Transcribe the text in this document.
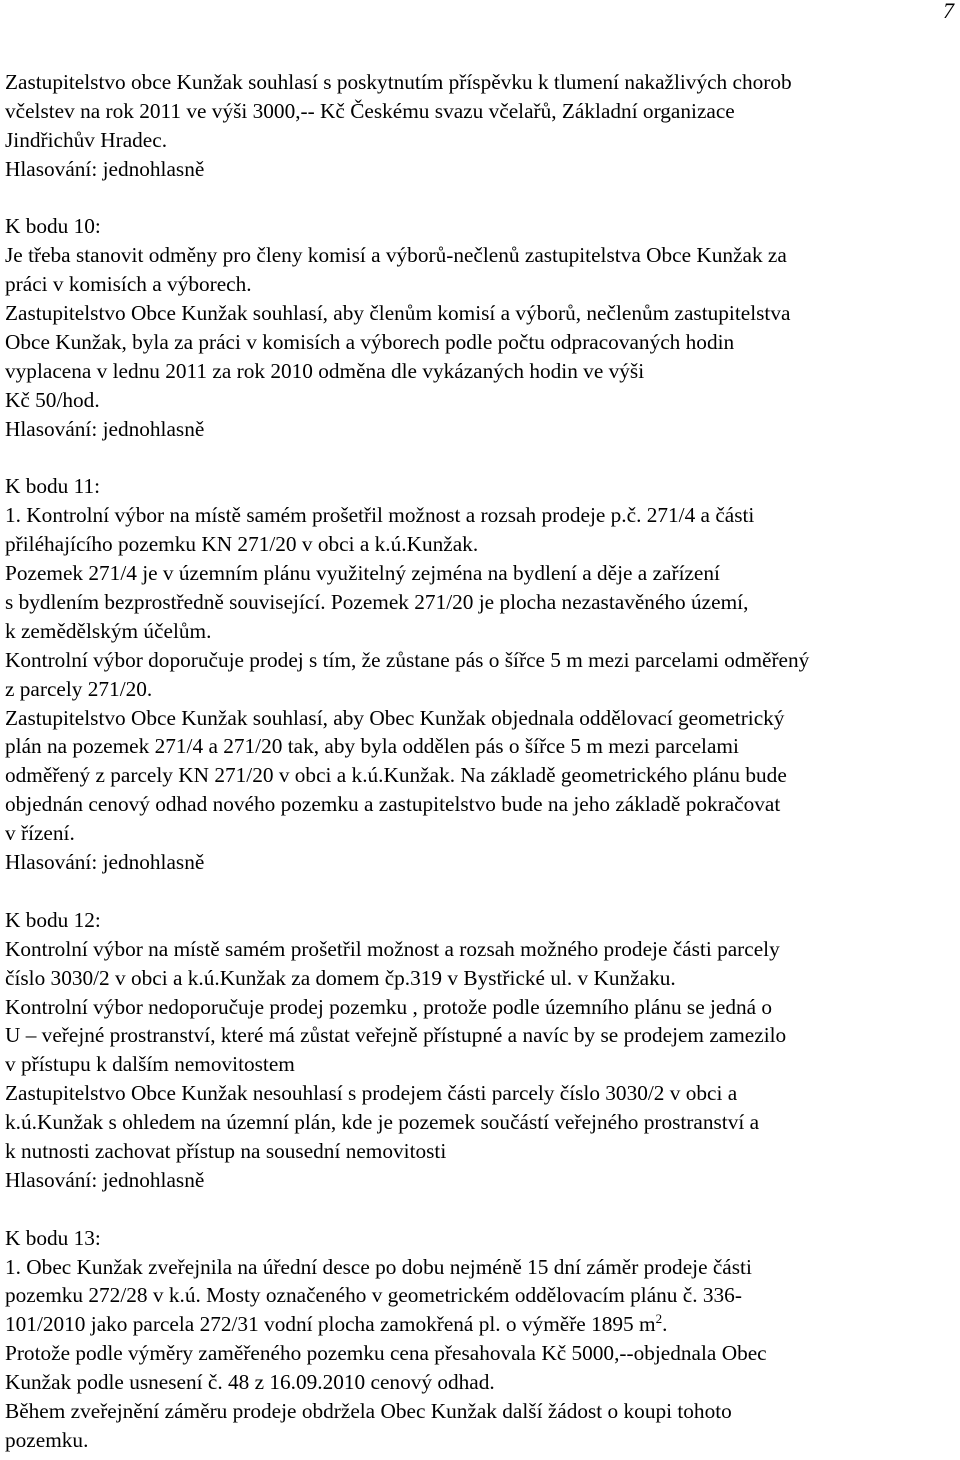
7
Zastupitelstvo obce Kunžak souhlasí s poskytnutím příspěvku k tlumení nakažlivých chorob
včelstev na rok 2011 ve výši 3000,-- Kč Českému svazu včelařů, Základní organizace
Jindřichův Hradec.
Hlasování: jednohlasně
K bodu 10:
Je třeba stanovit odměny pro členy komisí a výborů-nečlenů zastupitelstva Obce Kunžak za
práci v komisích a výborech.
Zastupitelstvo Obce Kunžak souhlasí, aby členům komisí a výborů, nečlenům zastupitelstva
Obce Kunžak, byla za práci v komisích a výborech podle počtu odpracovaných hodin
vyplacena v lednu 2011 za rok 2010 odměna dle vykázaných hodin ve výši
Kč 50/hod.
Hlasování: jednohlasně
K bodu 11:
1. Kontrolní výbor na místě samém prošetřil možnost a rozsah prodeje p.č. 271/4 a části
přiléhajícího pozemku KN 271/20 v obci a k.ú.Kunžak.
Pozemek 271/4 je v územním plánu využitelný zejména na bydlení a děje a zařízení
s bydlením bezprostředně související. Pozemek 271/20 je plocha nezastavěného území,
k zemědělským účelům.
Kontrolní výbor doporučuje prodej s tím, že zůstane pás o šířce 5 m mezi parcelami odměřený
z parcely 271/20.
Zastupitelstvo Obce Kunžak souhlasí, aby Obec Kunžak objednala oddělovací geometrický
plán na pozemek 271/4 a 271/20 tak, aby byla oddělen pás o šířce 5 m mezi parcelami
odměřený z parcely KN 271/20 v obci a k.ú.Kunžak. Na základě geometrického plánu bude
objednán cenový odhad nového pozemku a zastupitelstvo bude na jeho základě pokračovat
v řízení.
Hlasování: jednohlasně
K bodu 12:
Kontrolní výbor na místě samém prošetřil možnost a rozsah možného prodeje části parcely
číslo 3030/2 v obci a k.ú.Kunžak za domem čp.319 v Bystřické ul. v Kunžaku.
Kontrolní výbor nedoporučuje prodej pozemku , protože podle územního plánu se jedná o
U – veřejné prostranství, které má zůstat veřejně přístupné a navíc by se prodejem zamezilo
v přístupu k dalším nemovitostem
Zastupitelstvo Obce Kunžak nesouhlasí s prodejem části parcely číslo 3030/2 v obci a
k.ú.Kunžak s ohledem na územní plán, kde je pozemek součástí veřejného prostranství a
k nutnosti zachovat přístup na sousední nemovitosti
Hlasování: jednohlasně
K bodu 13:
1. Obec Kunžak zveřejnila na úřední desce po dobu nejméně 15 dní záměr prodeje části
pozemku 272/28 v k.ú. Mosty označeného v geometrickém oddělovacím plánu č. 336-
101/2010 jako parcela 272/31 vodní plocha zamokřená pl. o výměře 1895 $m^2$.
Protože podle výměry zaměřeného pozemku cena přesahovala Kč 5000,--objednala Obec
Kunžak podle usnesení č. 48 z 16.09.2010 cenový odhad.
Během zveřejnění záměru prodeje obdržela Obec Kunžak další žádost o koupi tohoto
pozemku.
